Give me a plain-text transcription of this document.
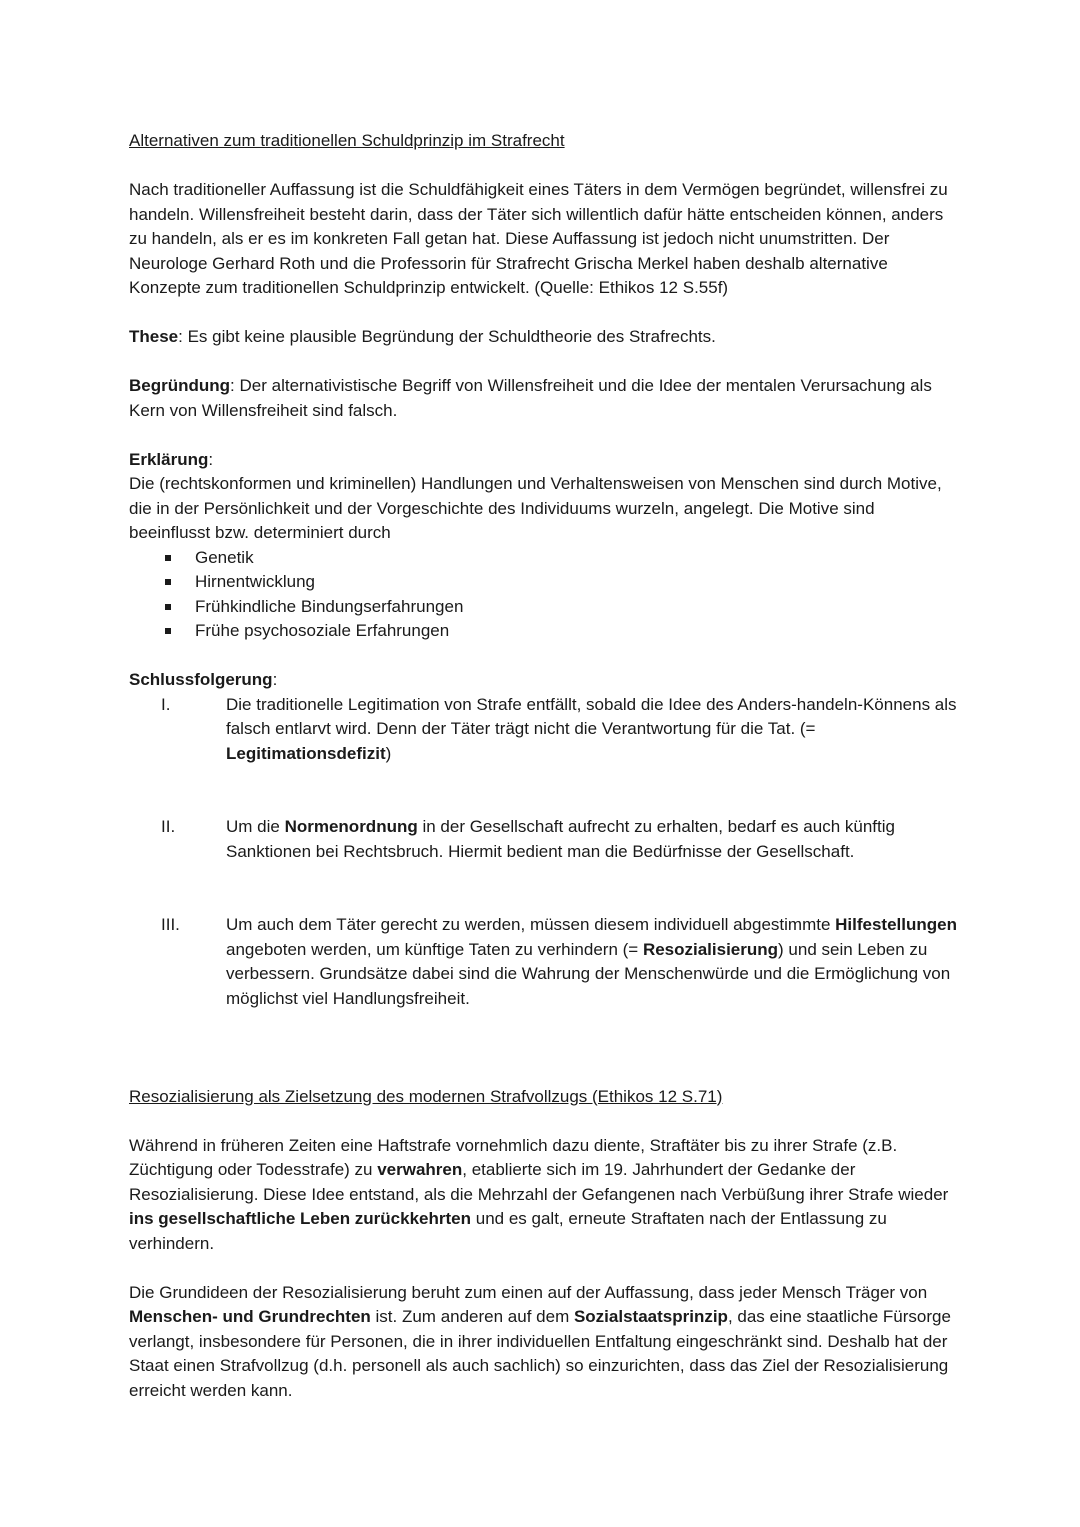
Alternativen zum traditionellen Schuldprinzip im Strafrecht

Nach traditioneller Auffassung ist die Schuldfähigkeit eines Täters in dem Vermögen begründet, willensfrei zu handeln. Willensfreiheit besteht darin, dass der Täter sich willentlich dafür hätte entscheiden können, anders zu handeln, als er es im konkreten Fall getan hat. Diese Auffassung ist jedoch nicht unumstritten. Der Neurologe Gerhard Roth und die Professorin für Strafrecht Grischa Merkel haben deshalb alternative Konzepte zum traditionellen Schuldprinzip entwickelt. (Quelle: Ethikos 12 S.55f)

These: Es gibt keine plausible Begründung der Schuldtheorie des Strafrechts.

Begründung: Der alternativistische Begriff von Willensfreiheit und die Idee der mentalen Verursachung als Kern von Willensfreiheit sind falsch.

Erklärung:

Die (rechtskonformen und kriminellen) Handlungen und Verhaltensweisen von Menschen sind durch Motive, die in der Persönlichkeit und der Vorgeschichte des Individuums wurzeln, angelegt. Die Motive sind beeinflusst bzw. determiniert durch

Genetik
Hirnentwicklung
Frühkindliche Bindungserfahrungen
Frühe psychosoziale Erfahrungen

Schlussfolgerung:

I.	Die traditionelle Legitimation von Strafe entfällt, sobald die Idee des Anders-handeln-Könnens als falsch entlarvt wird. Denn der Täter trägt nicht die Verantwortung für die Tat. (= Legitimationsdefizit)
II.	Um die Normenordnung in der Gesellschaft aufrecht zu erhalten, bedarf es auch künftig Sanktionen bei Rechtsbruch. Hiermit bedient man die Bedürfnisse der Gesellschaft.
III.	Um auch dem Täter gerecht zu werden, müssen diesem individuell abgestimmte Hilfestellungen angeboten werden, um künftige Taten zu verhindern (= Resozialisierung) und sein Leben zu verbessern. Grundsätze dabei sind die Wahrung der Menschenwürde und die Ermöglichung von möglichst viel Handlungsfreiheit.
Resozialisierung als Zielsetzung des modernen Strafvollzugs (Ethikos 12 S.71)

Während in früheren Zeiten eine Haftstrafe vornehmlich dazu diente, Straftäter bis zu ihrer Strafe (z.B. Züchtigung oder Todesstrafe) zu verwahren, etablierte sich im 19. Jahrhundert der Gedanke der Resozialisierung. Diese Idee entstand, als die Mehrzahl der Gefangenen nach Verbüßung ihrer Strafe wieder ins gesellschaftliche Leben zurückkehrten und es galt, erneute Straftaten nach der Entlassung zu verhindern.

Die Grundideen der Resozialisierung beruht zum einen auf der Auffassung, dass jeder Mensch Träger von Menschen- und Grundrechten ist. Zum anderen auf dem Sozialstaatsprinzip, das eine staatliche Fürsorge verlangt, insbesondere für Personen, die in ihrer individuellen Entfaltung eingeschränkt sind. Deshalb hat der Staat einen Strafvollzug (d.h. personell als auch sachlich) so einzurichten, dass das Ziel der Resozialisierung erreicht werden kann.
